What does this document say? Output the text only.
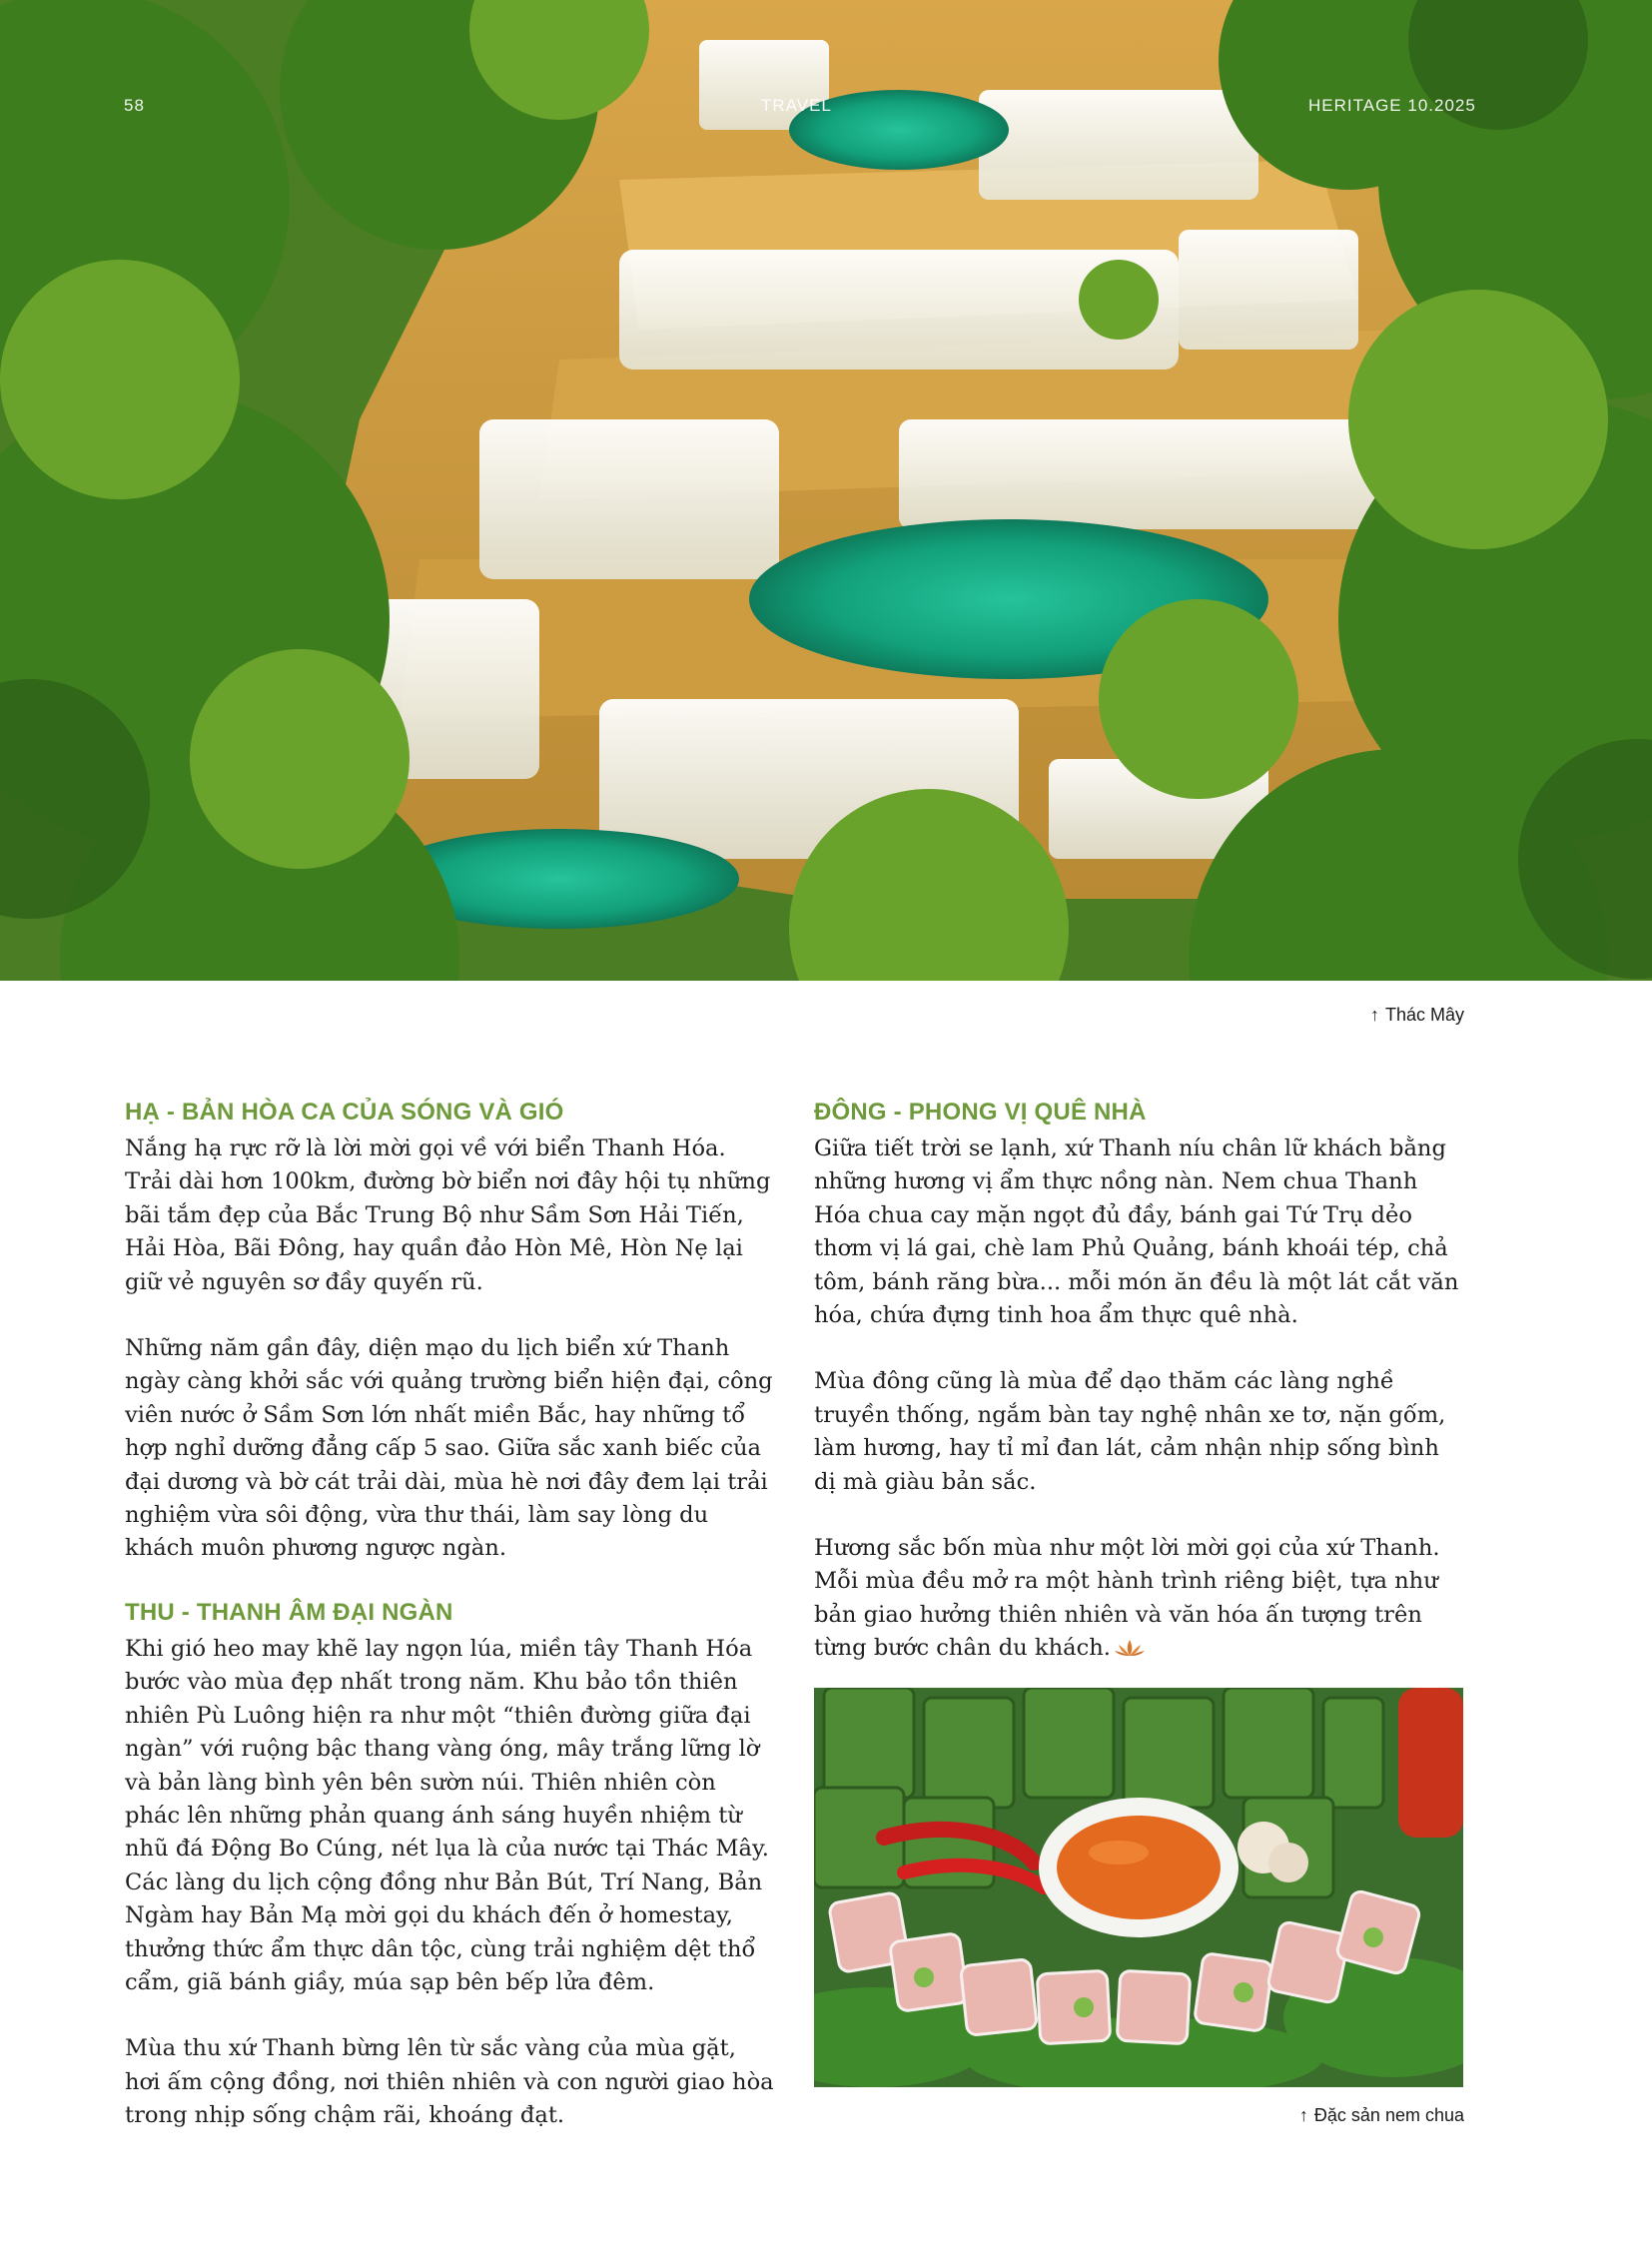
58	TRAVEL	HERITAGE 10.2025
↑ Thác Mây
HẠ - BẢN HÒA CA CỦA SÓNG VÀ GIÓ

Nắng hạ rực rỡ là lời mời gọi về với biển Thanh Hóa. Trải dài hơn 100km, đường bờ biển nơi đây hội tụ những bãi tắm đẹp của Bắc Trung Bộ như Sầm Sơn Hải Tiến, Hải Hòa, Bãi Đông, hay quần đảo Hòn Mê, Hòn Nẹ lại giữ vẻ nguyên sơ đầy quyến rũ.

Những năm gần đây, diện mạo du lịch biển xứ Thanh ngày càng khởi sắc với quảng trường biển hiện đại, công viên nước ở Sầm Sơn lớn nhất miền Bắc, hay những tổ hợp nghỉ dưỡng đẳng cấp 5 sao. Giữa sắc xanh biếc của đại dương và bờ cát trải dài, mùa hè nơi đây đem lại trải nghiệm vừa sôi động, vừa thư thái, làm say lòng du khách muôn phương ngược ngàn.

THU - THANH ÂM ĐẠI NGÀN

Khi gió heo may khẽ lay ngọn lúa, miền tây Thanh Hóa bước vào mùa đẹp nhất trong năm. Khu bảo tồn thiên nhiên Pù Luông hiện ra như một “thiên đường giữa đại ngàn” với ruộng bậc thang vàng óng, mây trắng lững lờ và bản làng bình yên bên sườn núi. Thiên nhiên còn phác lên những phản quang ánh sáng huyền nhiệm từ nhũ đá Động Bo Cúng, nét lụa là của nước tại Thác Mây. Các làng du lịch cộng đồng như Bản Bút, Trí Nang, Bản Ngàm hay Bản Mạ mời gọi du khách đến ở homestay, thưởng thức ẩm thực dân tộc, cùng trải nghiệm dệt thổ cẩm, giã bánh giầy, múa sạp bên bếp lửa đêm.

Mùa thu xứ Thanh bừng lên từ sắc vàng của mùa gặt, hơi ấm cộng đồng, nơi thiên nhiên và con người giao hòa trong nhịp sống chậm rãi, khoáng đạt.

ĐÔNG - PHONG VỊ QUÊ NHÀ

Giữa tiết trời se lạnh, xứ Thanh níu chân lữ khách bằng những hương vị ẩm thực nồng nàn. Nem chua Thanh Hóa chua cay mặn ngọt đủ đầy, bánh gai Tứ Trụ dẻo thơm vị lá gai, chè lam Phủ Quảng, bánh khoái tép, chả tôm, bánh răng bừa... mỗi món ăn đều là một lát cắt văn hóa, chứa đựng tinh hoa ẩm thực quê nhà.

Mùa đông cũng là mùa để dạo thăm các làng nghề truyền thống, ngắm bàn tay nghệ nhân xe tơ, nặn gốm, làm hương, hay tỉ mỉ đan lát, cảm nhận nhịp sống bình dị mà giàu bản sắc.

Hương sắc bốn mùa như một lời mời gọi của xứ Thanh. Mỗi mùa đều mở ra một hành trình riêng biệt, tựa như bản giao hưởng thiên nhiên và văn hóa ấn tượng trên từng bước chân du khách.

↑ Đặc sản nem chua
